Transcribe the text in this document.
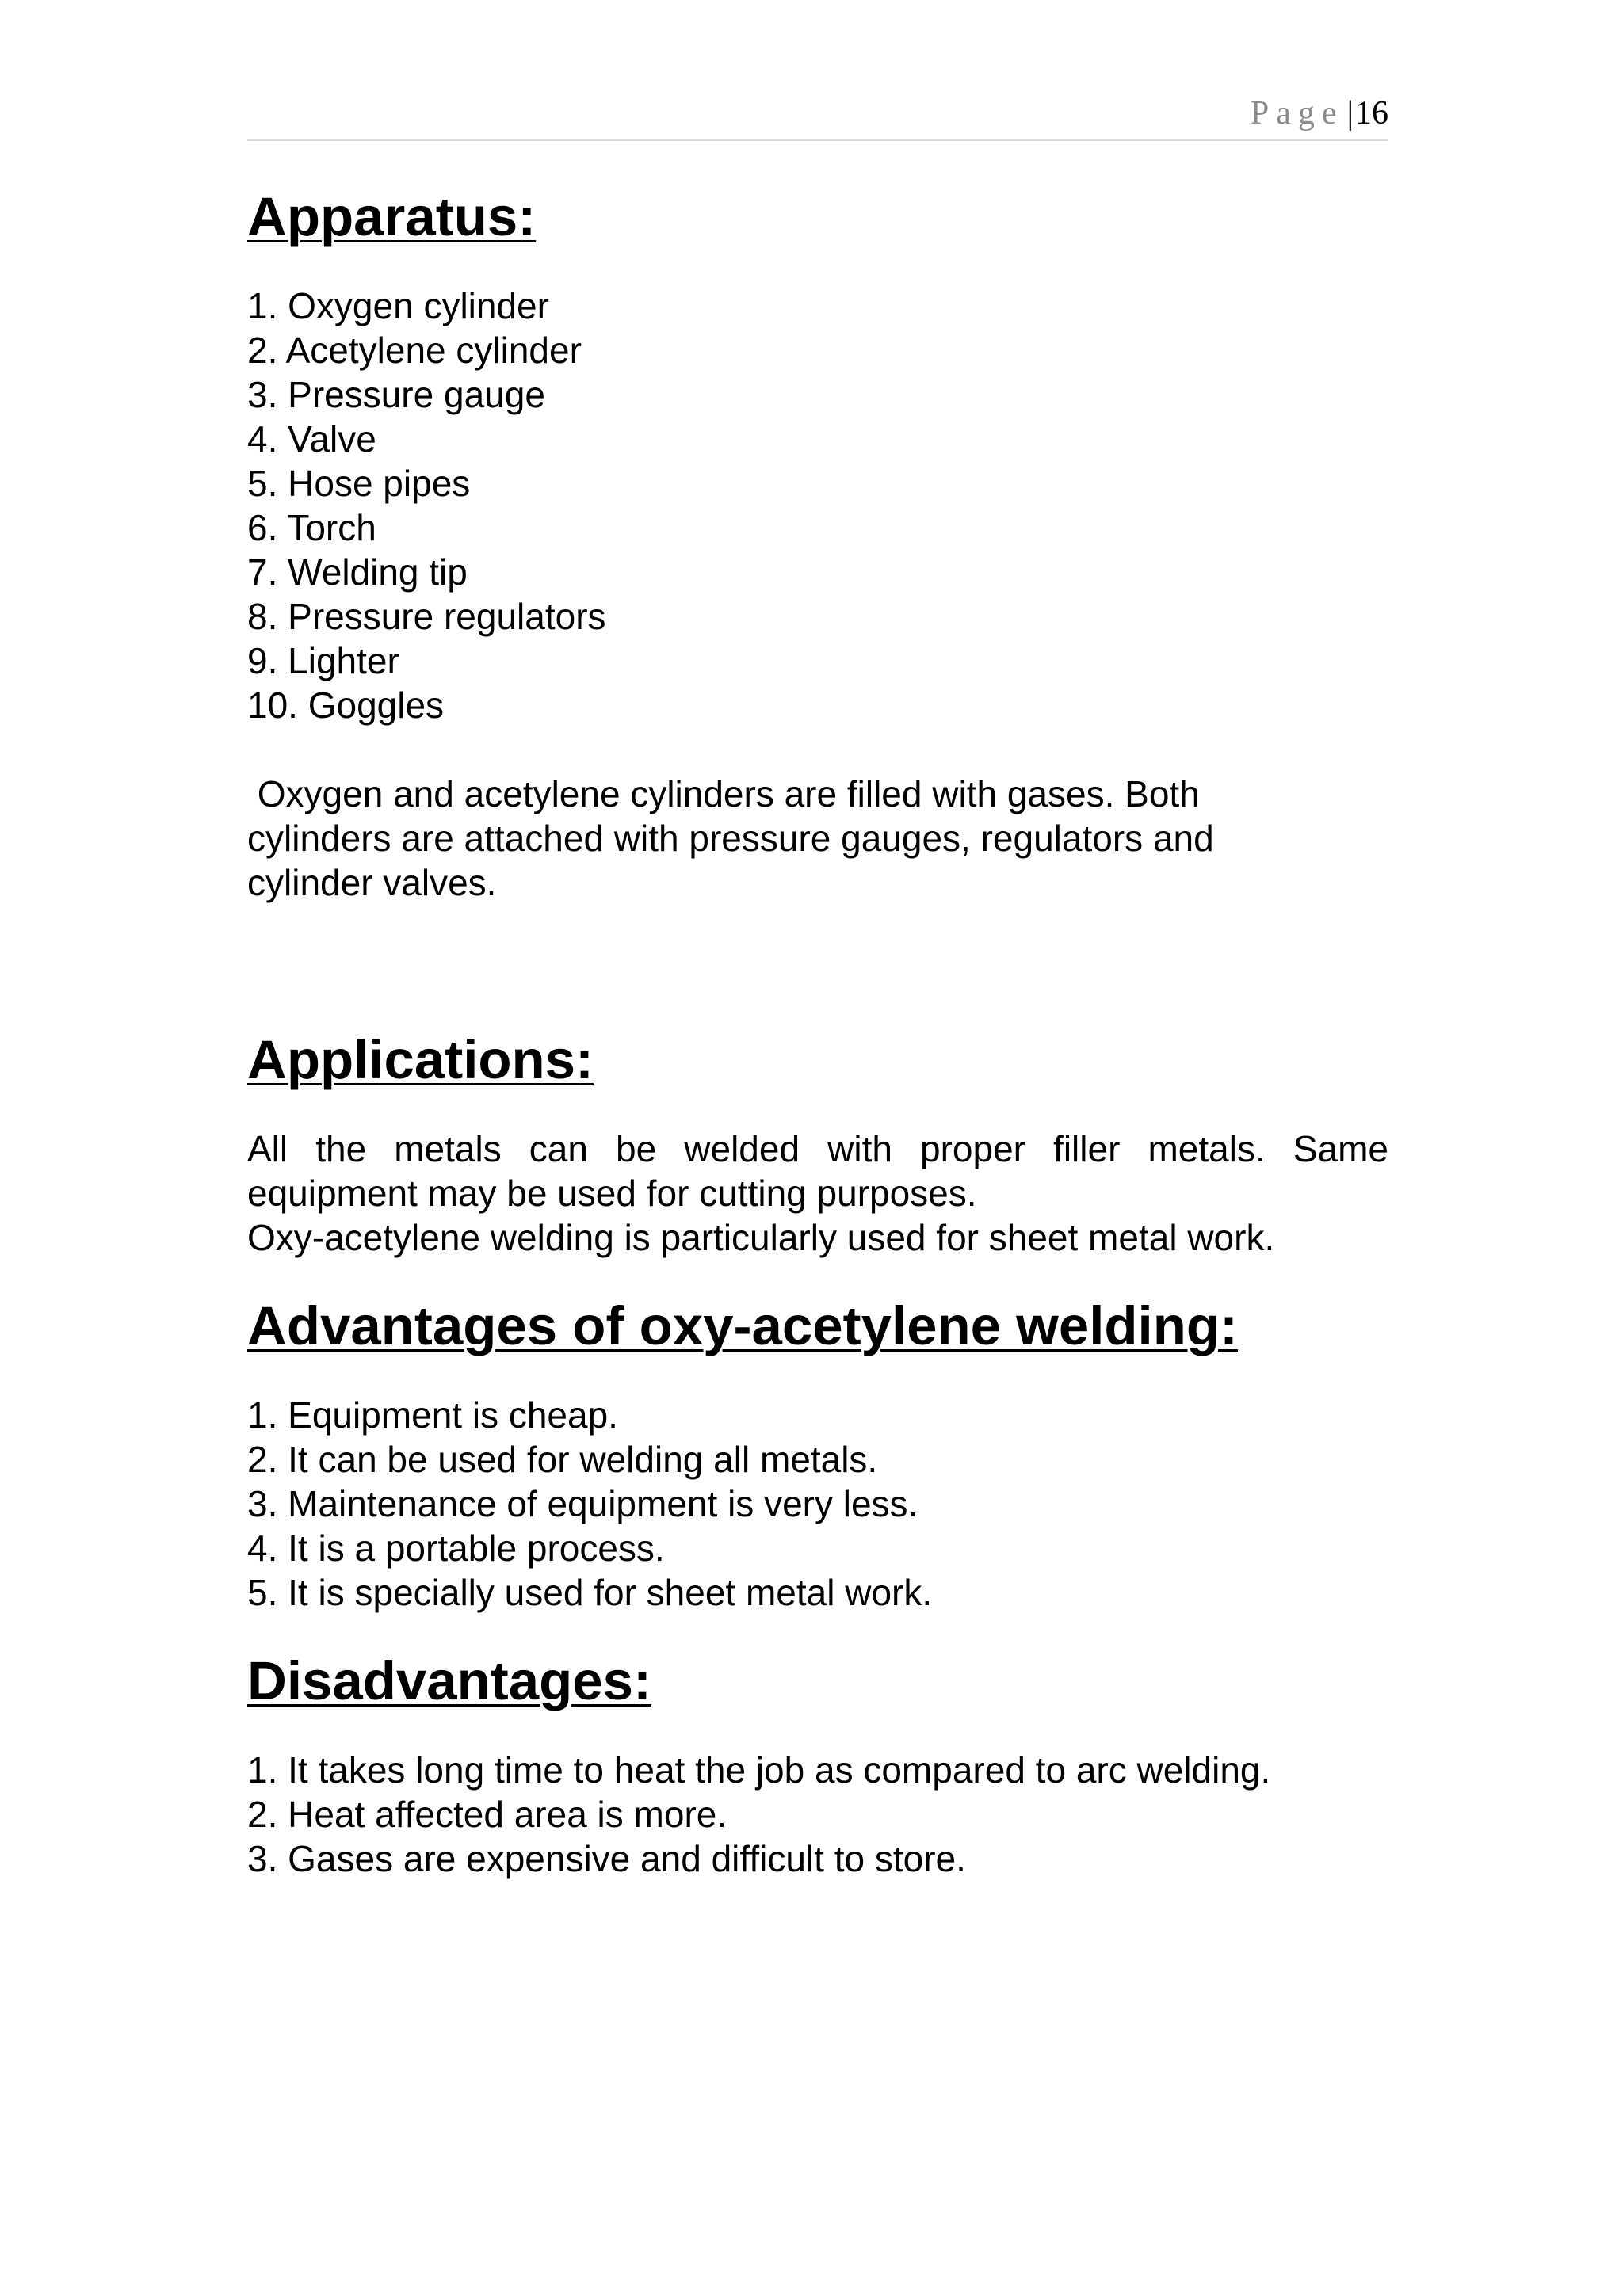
Page|16
Apparatus:
1. Oxygen cylinder
2. Acetylene cylinder
3. Pressure gauge
4. Valve
5. Hose pipes
6. Torch
7. Welding tip
8. Pressure regulators
9. Lighter
10. Goggles

Oxygen and acetylene cylinders are filled with gases. Both cylinders are attached with pressure gauges, regulators and cylinder valves.

Applications:

All the metals can be welded with proper filler metals. Same equipment may be used for cutting purposes.

Oxy-acetylene welding is particularly used for sheet metal work.

Advantages of oxy-acetylene welding:
1. Equipment is cheap.
2. It can be used for welding all metals.
3. Maintenance of equipment is very less.
4. It is a portable process.
5. It is specially used for sheet metal work.
Disadvantages:
1. It takes long time to heat the job as compared to arc welding.
2. Heat affected area is more.
3. Gases are expensive and difficult to store.
